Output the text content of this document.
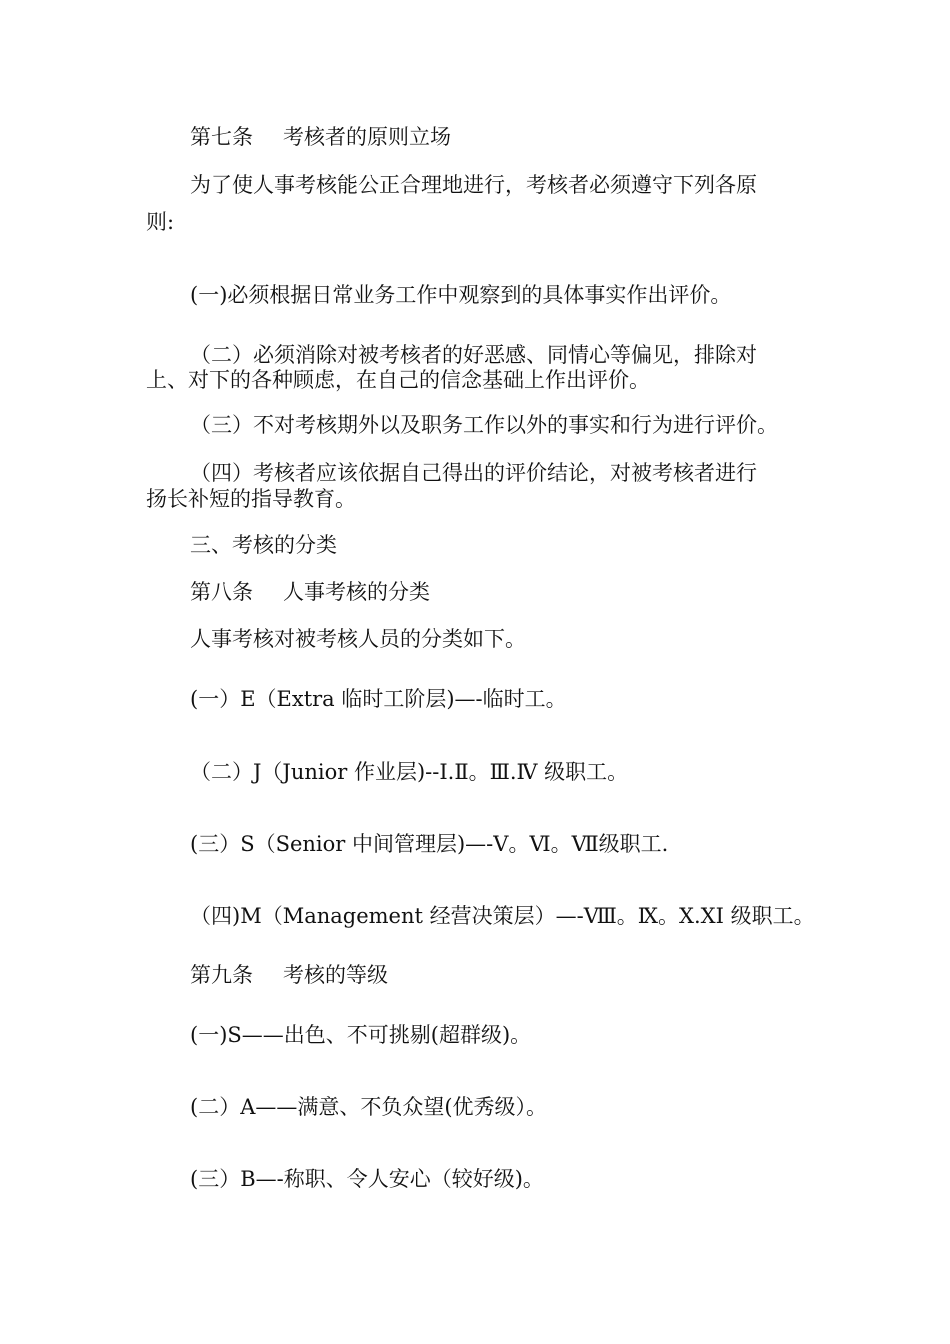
第七条 考核者的原则立场

为了使人事考核能公正合理地进行，考核者必须遵守下列各原

则:

(一)必须根据日常业务工作中观察到的具体事实作出评价。

（二）必须消除对被考核者的好恶感、同情心等偏见，排除对

上、对下的各种顾虑，在自己的信念基础上作出评价。

（三）不对考核期外以及职务工作以外的事实和行为进行评价。

（四）考核者应该依据自己得出的评价结论，对被考核者进行

扬长补短的指导教育。

三、考核的分类

第八条 人事考核的分类

人事考核对被考核人员的分类如下。

(一）E（Extra 临时工阶层)—-临时工。

（二）J（Junior 作业层)--I.Ⅱ。Ⅲ.Ⅳ 级职工。

(三）S（Senior 中间管理层)—-V。Ⅵ。Ⅶ级职工.

（四)M（Management 经营决策层）—-Ⅷ。Ⅸ。Ⅹ.XI 级职工。

第九条 考核的等级

(一)S——出色、不可挑剔(超群级)。

(二）A——满意、不负众望(优秀级）。

(三）B—-称职、令人安心（较好级)。
